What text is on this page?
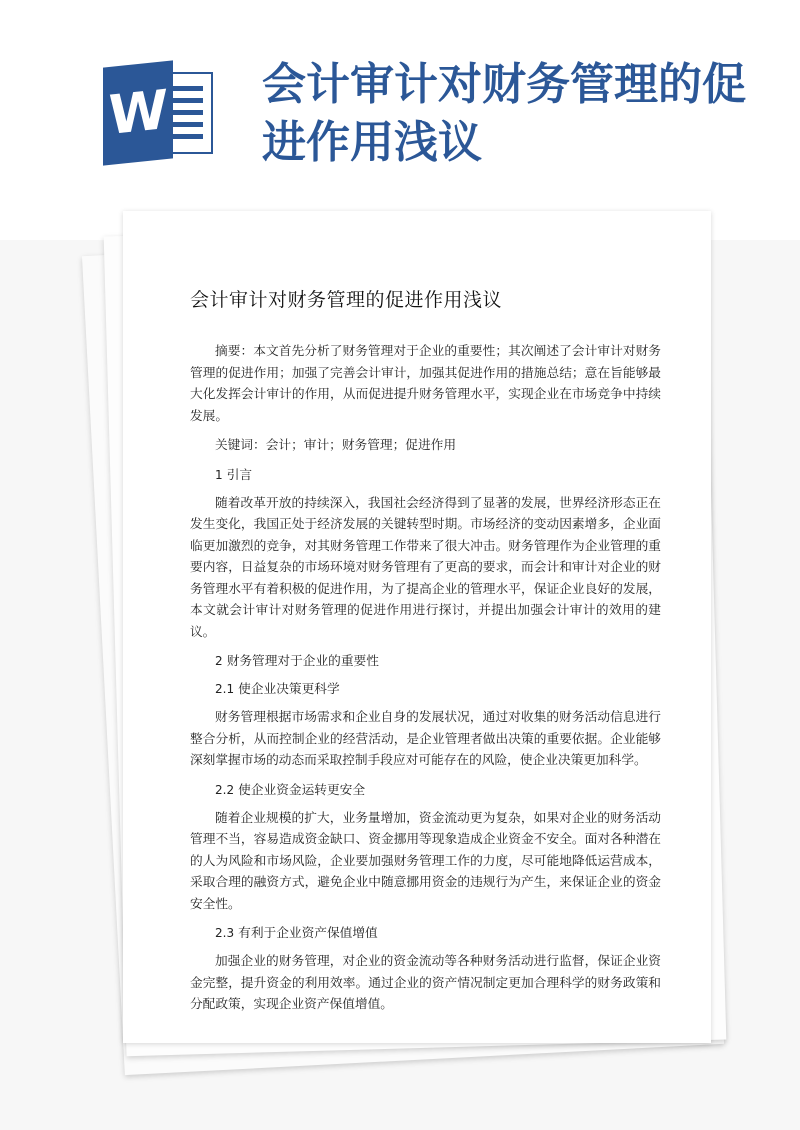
W 会计审计对财务管理的促进作用浅议
会计审计对财务管理的促进作用浅议

摘要：本文首先分析了财务管理对于企业的重要性；其次阐述了会计审计对财务管理的促进作用；加强了完善会计审计，加强其促进作用的措施总结；意在旨能够最大化发挥会计审计的作用，从而促进提升财务管理水平，实现企业在市场竞争中持续发展。

关键词：会计；审计；财务管理；促进作用

1 引言

随着改革开放的持续深入，我国社会经济得到了显著的发展，世界经济形态正在发生变化，我国正处于经济发展的关键转型时期。市场经济的变动因素增多，企业面临更加激烈的竞争，对其财务管理工作带来了很大冲击。财务管理作为企业管理的重要内容，日益复杂的市场环境对财务管理有了更高的要求，而会计和审计对企业的财务管理水平有着积极的促进作用，为了提高企业的管理水平，保证企业良好的发展，本文就会计审计对财务管理的促进作用进行探讨，并提出加强会计审计的效用的建议。

2 财务管理对于企业的重要性
2.1 使企业决策更科学

财务管理根据市场需求和企业自身的发展状况，通过对收集的财务活动信息进行整合分析，从而控制企业的经营活动，是企业管理者做出决策的重要依据。企业能够深刻掌握市场的动态而采取控制手段应对可能存在的风险，使企业决策更加科学。

2.2 使企业资金运转更安全

随着企业规模的扩大，业务量增加，资金流动更为复杂，如果对企业的财务活动管理不当，容易造成资金缺口、资金挪用等现象造成企业资金不安全。面对各种潜在的人为风险和市场风险，企业要加强财务管理工作的力度，尽可能地降低运营成本，采取合理的融资方式，避免企业中随意挪用资金的违规行为产生，来保证企业的资金安全性。

2.3 有利于企业资产保值增值

加强企业的财务管理，对企业的资金流动等各种财务活动进行监督，保证企业资金完整，提升资金的利用效率。通过企业的资产情况制定更加合理科学的财务政策和分配政策，实现企业资产保值增值。
